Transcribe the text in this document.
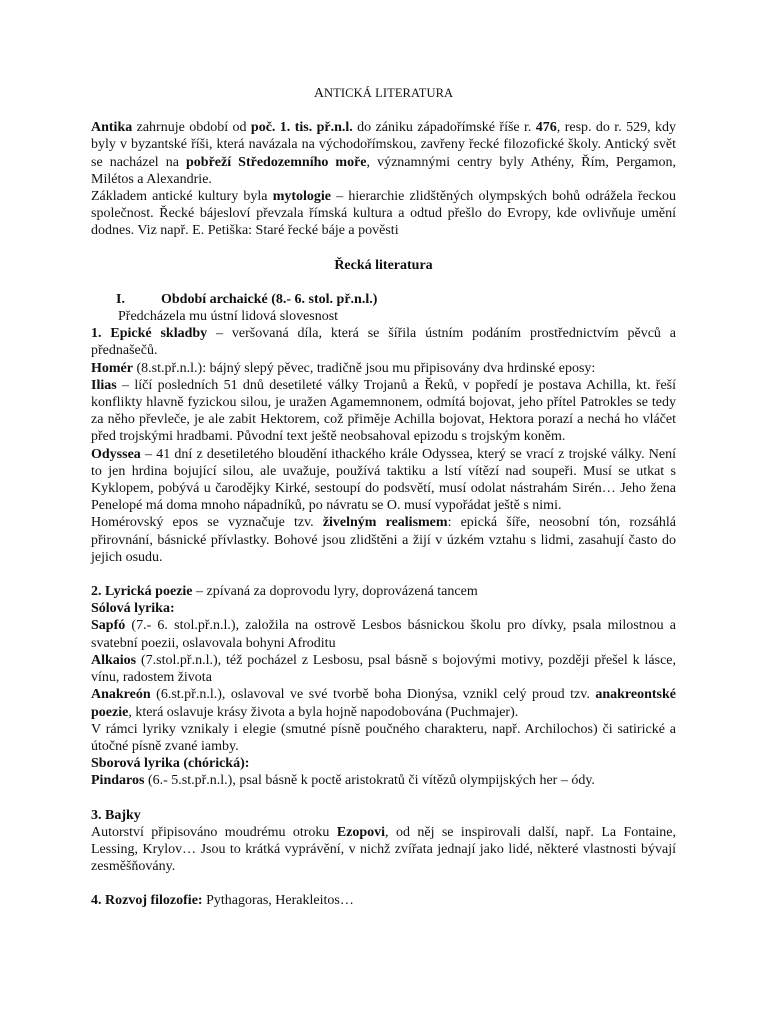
ANTICKÁ LITERATURA

Antika zahrnuje období od poč. 1. tis. př.n.l. do zániku západořímské říše r. 476, resp. do r. 529, kdy byly v byzantské říši, která navázala na východořímskou, zavřeny řecké filozofické školy. Antický svět se nacházel na pobřeží Středozemního moře, významnými centry byly Athény, Řím, Pergamon, Milétos a Alexandrie.

Základem antické kultury byla mytologie – hierarchie zlidštěných olympských bohů odrážela řeckou společnost. Řecké bájesloví převzala římská kultura a odtud přešlo do Evropy, kde ovlivňuje umění dodnes. Viz např. E. Petiška: Staré řecké báje a pověsti

Řecká literatura

I.	Období archaické (8.- 6. stol. př.n.l.)

Předcházela mu ústní lidová slovesnost

1. Epické skladby – veršovaná díla, která se šířila ústním podáním prostřednictvím pěvců a přednašečů.

Homér (8.st.př.n.l.): bájný slepý pěvec, tradičně jsou mu připisovány dva hrdinské eposy:

Ilias – líčí posledních 51 dnů desetileté války Trojanů a Řeků, v popředí je postava Achilla, kt. řeší konflikty hlavně fyzickou silou, je uražen Agamemnonem, odmítá bojovat, jeho přítel Patrokles se tedy za něho převleče, je ale zabit Hektorem, což přiměje Achilla bojovat, Hektora porazí a nechá ho vláčet před trojskými hradbami. Původní text ještě neobsahoval epizodu s trojským koněm.

Odyssea – 41 dní z desetiletého bloudění ithackého krále Odyssea, který se vrací z trojské války. Není to jen hrdina bojující silou, ale uvažuje, používá taktiku a lstí vítězí nad soupeři. Musí se utkat s Kyklopem, pobývá u čarodějky Kirké, sestoupí do podsvětí, musí odolat nástrahám Sirén… Jeho žena Penelopé má doma mnoho nápadníků, po návratu se O. musí vypořádat ještě s nimi.

Homérovský epos se vyznačuje tzv. živelným realismem: epická šíře, neosobní tón, rozsáhlá přirovnání, básnické přívlastky. Bohové jsou zlidštěni a žijí v úzkém vztahu s lidmi, zasahují často do jejich osudu.

2. Lyrická poezie – zpívaná za doprovodu lyry, doprovázená tancem

Sólová lyrika:

Sapfó (7.- 6. stol.př.n.l.), založila na ostrově Lesbos básnickou školu pro dívky, psala milostnou a svatební poezii, oslavovala bohyni Afroditu

Alkaios (7.stol.př.n.l.), též pocházel z Lesbosu, psal básně s bojovými motivy, později přešel k lásce, vínu, radostem života

Anakreón (6.st.př.n.l.), oslavoval ve své tvorbě boha Dionýsa, vznikl celý proud tzv. anakreontské poezie, která oslavuje krásy života a byla hojně napodobována (Puchmajer).

V rámci lyriky vznikaly i elegie (smutné písně poučného charakteru, např. Archilochos) či satirické a útočné písně zvané iamby.

Sborová lyrika (chórická):

Pindaros (6.- 5.st.př.n.l.), psal básně k poctě aristokratů či vítězů olympijských her – ódy.

3. Bajky

Autorství připisováno moudrému otroku Ezopovi, od něj se inspirovali další, např. La Fontaine, Lessing, Krylov… Jsou to krátká vyprávění, v nichž zvířata jednají jako lidé, některé vlastnosti bývají zesměšňovány.

4. Rozvoj filozofie: Pythagoras, Herakleitos…
